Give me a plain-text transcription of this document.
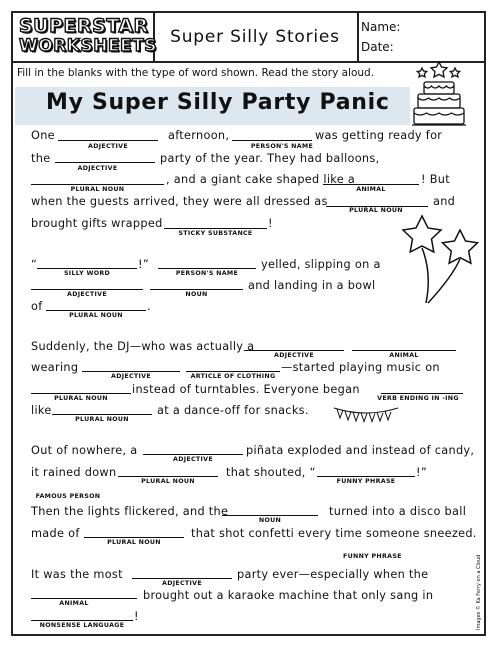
SUPERSTAR
WORKSHEETS Super Silly Stories	Name:
Date:
Fill in the blanks with the type of word shown. Read the story aloud.
My Super Silly Party Panic
One
ADJECTIVE
afternoon,
PERSON'S NAME
was getting ready for
the
ADJECTIVE
party of the year. They had balloons,
PLURAL NOUN
, and a giant cake shaped like a
ANIMAL
! But
when the guests arrived, they were all dressed as
PLURAL NOUN
and
brought gifts wrapped
STICKY SUBSTANCE
!
“
SILLY WORD
!”
PERSON'S NAME
yelled, slipping on a
ADJECTIVE	NOUN
and landing in a bowl
of
PLURAL NOUN
.
Suddenly, the DJ—who was actually a
ADJECTIVE	ANIMAL
wearing
ADJECTIVE	ARTICLE OF CLOTHING
—started playing music on
PLURAL NOUN
instead of turntables. Everyone began
VERB ENDING IN -ING
like
PLURAL NOUN
at a dance-off for snacks.
Out of nowhere, a
ADJECTIVE
piñata exploded and instead of candy,
it rained down
PLURAL NOUN
that shouted, “
FUNNY PHRASE
!”
FAMOUS PERSON
Then the lights flickered, and the
NOUN
turned into a disco ball
made of
PLURAL NOUN
that shot confetti every time someone sneezed.
FUNNY PHRASE
It was the most
ADJECTIVE
party ever—especially when the
ANIMAL
brought out a karaoke machine that only sang in
NONSENSE LANGUAGE
!	Images © Ka Ferry on a Cloud
